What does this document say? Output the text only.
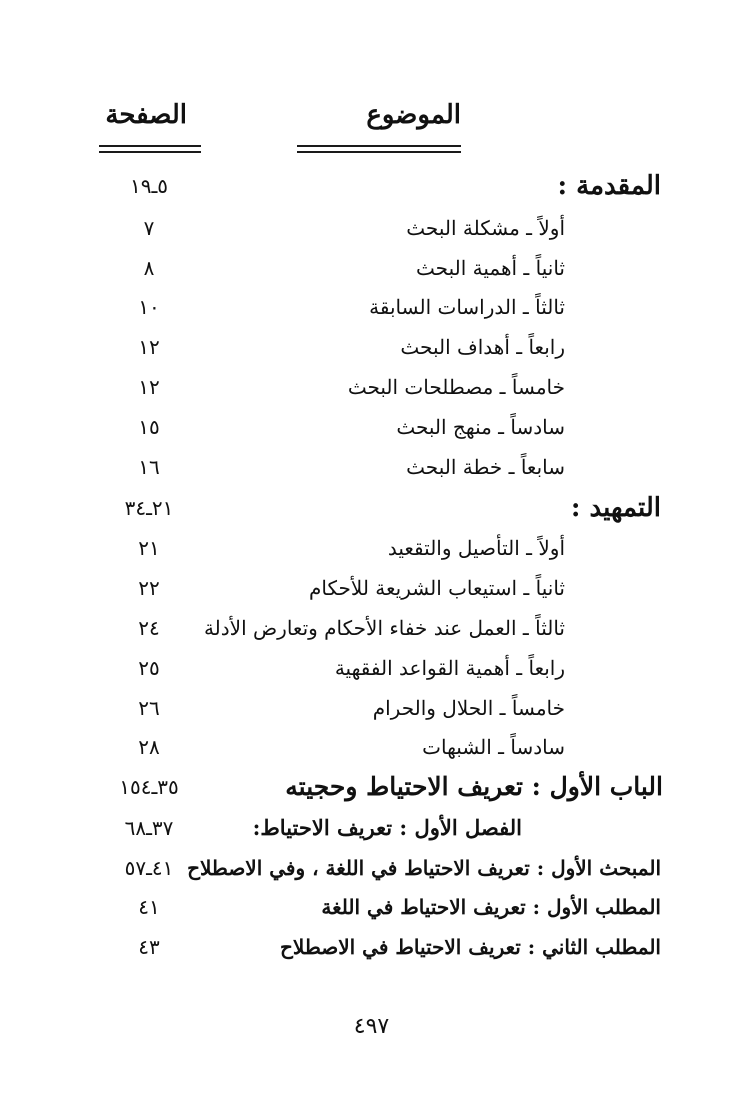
الموضوع
الصفحة
المقدمة :
٥ـ١٩
أولاً ـ مشكلة البحث
٧
ثانياً ـ أهمية البحث
٨
ثالثاً ـ الدراسات السابقة
١٠
رابعاً ـ أهداف البحث
١٢
خامساً ـ مصطلحات البحث
١٢
سادساً ـ منهج البحث
١٥
سابعاً ـ خطة البحث
١٦
التمهيد :
٢١ـ٣٤
أولاً ـ التأصيل والتقعيد
٢١
ثانياً ـ استيعاب الشريعة للأحكام
٢٢
ثالثاً ـ العمل عند خفاء الأحكام وتعارض الأدلة
٢٤
رابعاً ـ أهمية القواعد الفقهية
٢٥
خامساً ـ الحلال والحرام
٢٦
سادساً ـ الشبهات
٢٨
الباب الأول : تعريف الاحتياط وحجيته
٣٥ـ١٥٤
الفصل الأول : تعريف الاحتياط:
٣٧ـ٦٨
المبحث الأول : تعريف الاحتياط في اللغة ، وفي الاصطلاح
٤١ـ٥٧
المطلب الأول : تعريف الاحتياط في اللغة
٤١
المطلب الثاني : تعريف الاحتياط في الاصطلاح
٤٣
٤٩٧
